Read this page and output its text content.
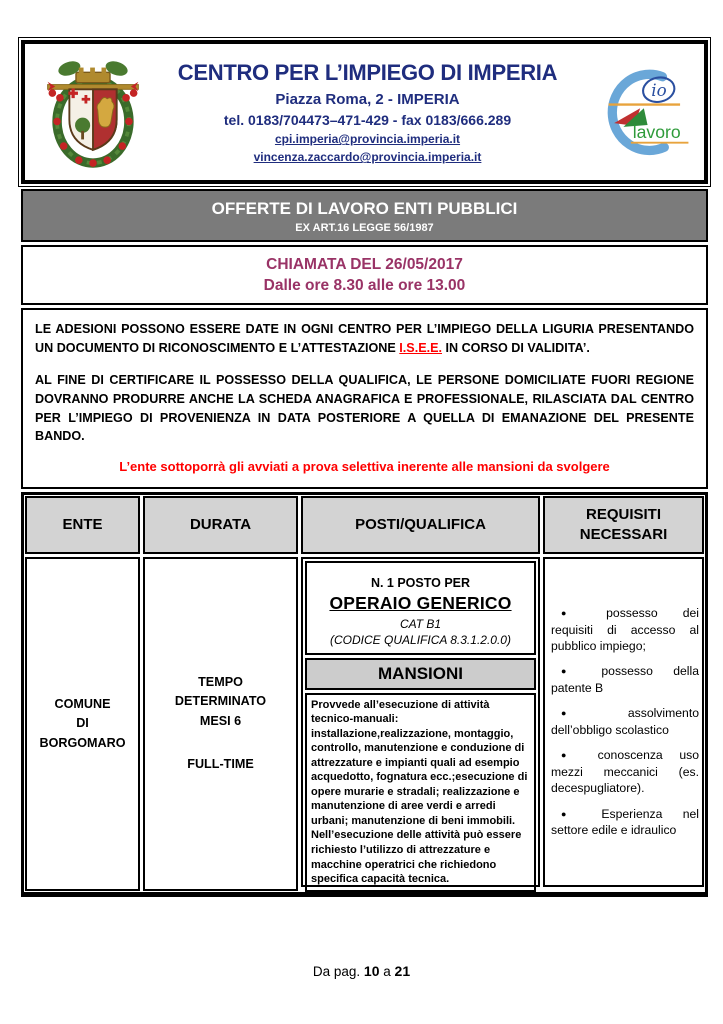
CENTRO PER L’IMPIEGO DI IMPERIA
Piazza Roma, 2 - IMPERIA
tel. 0183/704473–471-429 - fax 0183/666.289
cpi.imperia@provincia.imperia.it
vincenza.zaccardo@provincia.imperia.it
io
lavoro
OFFERTE DI LAVORO ENTI PUBBLICI
EX ART.16 LEGGE 56/1987
CHIAMATA DEL 26/05/2017
Dalle ore 8.30 alle ore 13.00

LE ADESIONI POSSONO ESSERE DATE IN OGNI CENTRO PER L’IMPIEGO DELLA LIGURIA PRESENTANDO UN DOCUMENTO DI RICONOSCIMENTO E L’ATTESTAZIONE I.S.E.E. IN CORSO DI VALIDITA’.

AL FINE DI CERTIFICARE IL POSSESSO DELLA QUALIFICA, LE PERSONE DOMICILIATE FUORI REGIONE DOVRANNO PRODURRE ANCHE LA SCHEDA ANAGRAFICA E PROFESSIONALE, RILASCIATA DAL CENTRO PER L’IMPIEGO DI PROVENIENZA IN DATA POSTERIORE A QUELLA DI EMANAZIONE DEL PRESENTE BANDO.

L’ente sottoporrà gli avviati a prova selettiva inerente alle mansioni da svolgere
ENTE	DURATA	POSTI/QUALIFICA
REQUISITI NECESSARI
COMUNE
DI
BORGOMARO
TEMPO
DETERMINATO
MESI 6
FULL-TIME
N. 1 POSTO PER
OPERAIO GENERICO
CAT B1
(CODICE QUALIFICA 8.3.1.2.0.0)
MANSIONI
Provvede all’esecuzione di attività tecnico-manuali: installazione,realizzazione, montaggio, controllo, manutenzione e conduzione di attrezzature e impianti quali ad esempio acquedotto, fognatura ecc.;esecuzione di opere murarie e stradali; realizzazione e manutenzione di aree verdi e arredi urbani; manutenzione di beni immobili. Nell’esecuzione delle attività può essere richiesto l’utilizzo di attrezzature e macchine operatrici che richiedono specifica capacità tecnica.
● possesso dei requisiti di accesso al pubblico impiego;
● possesso della patente B
● assolvimento dell’obbligo scolastico
● conoscenza uso mezzi meccanici (es. decespugliatore).
● Esperienza nel settore edile e idraulico
Da pag. 10 a 21
